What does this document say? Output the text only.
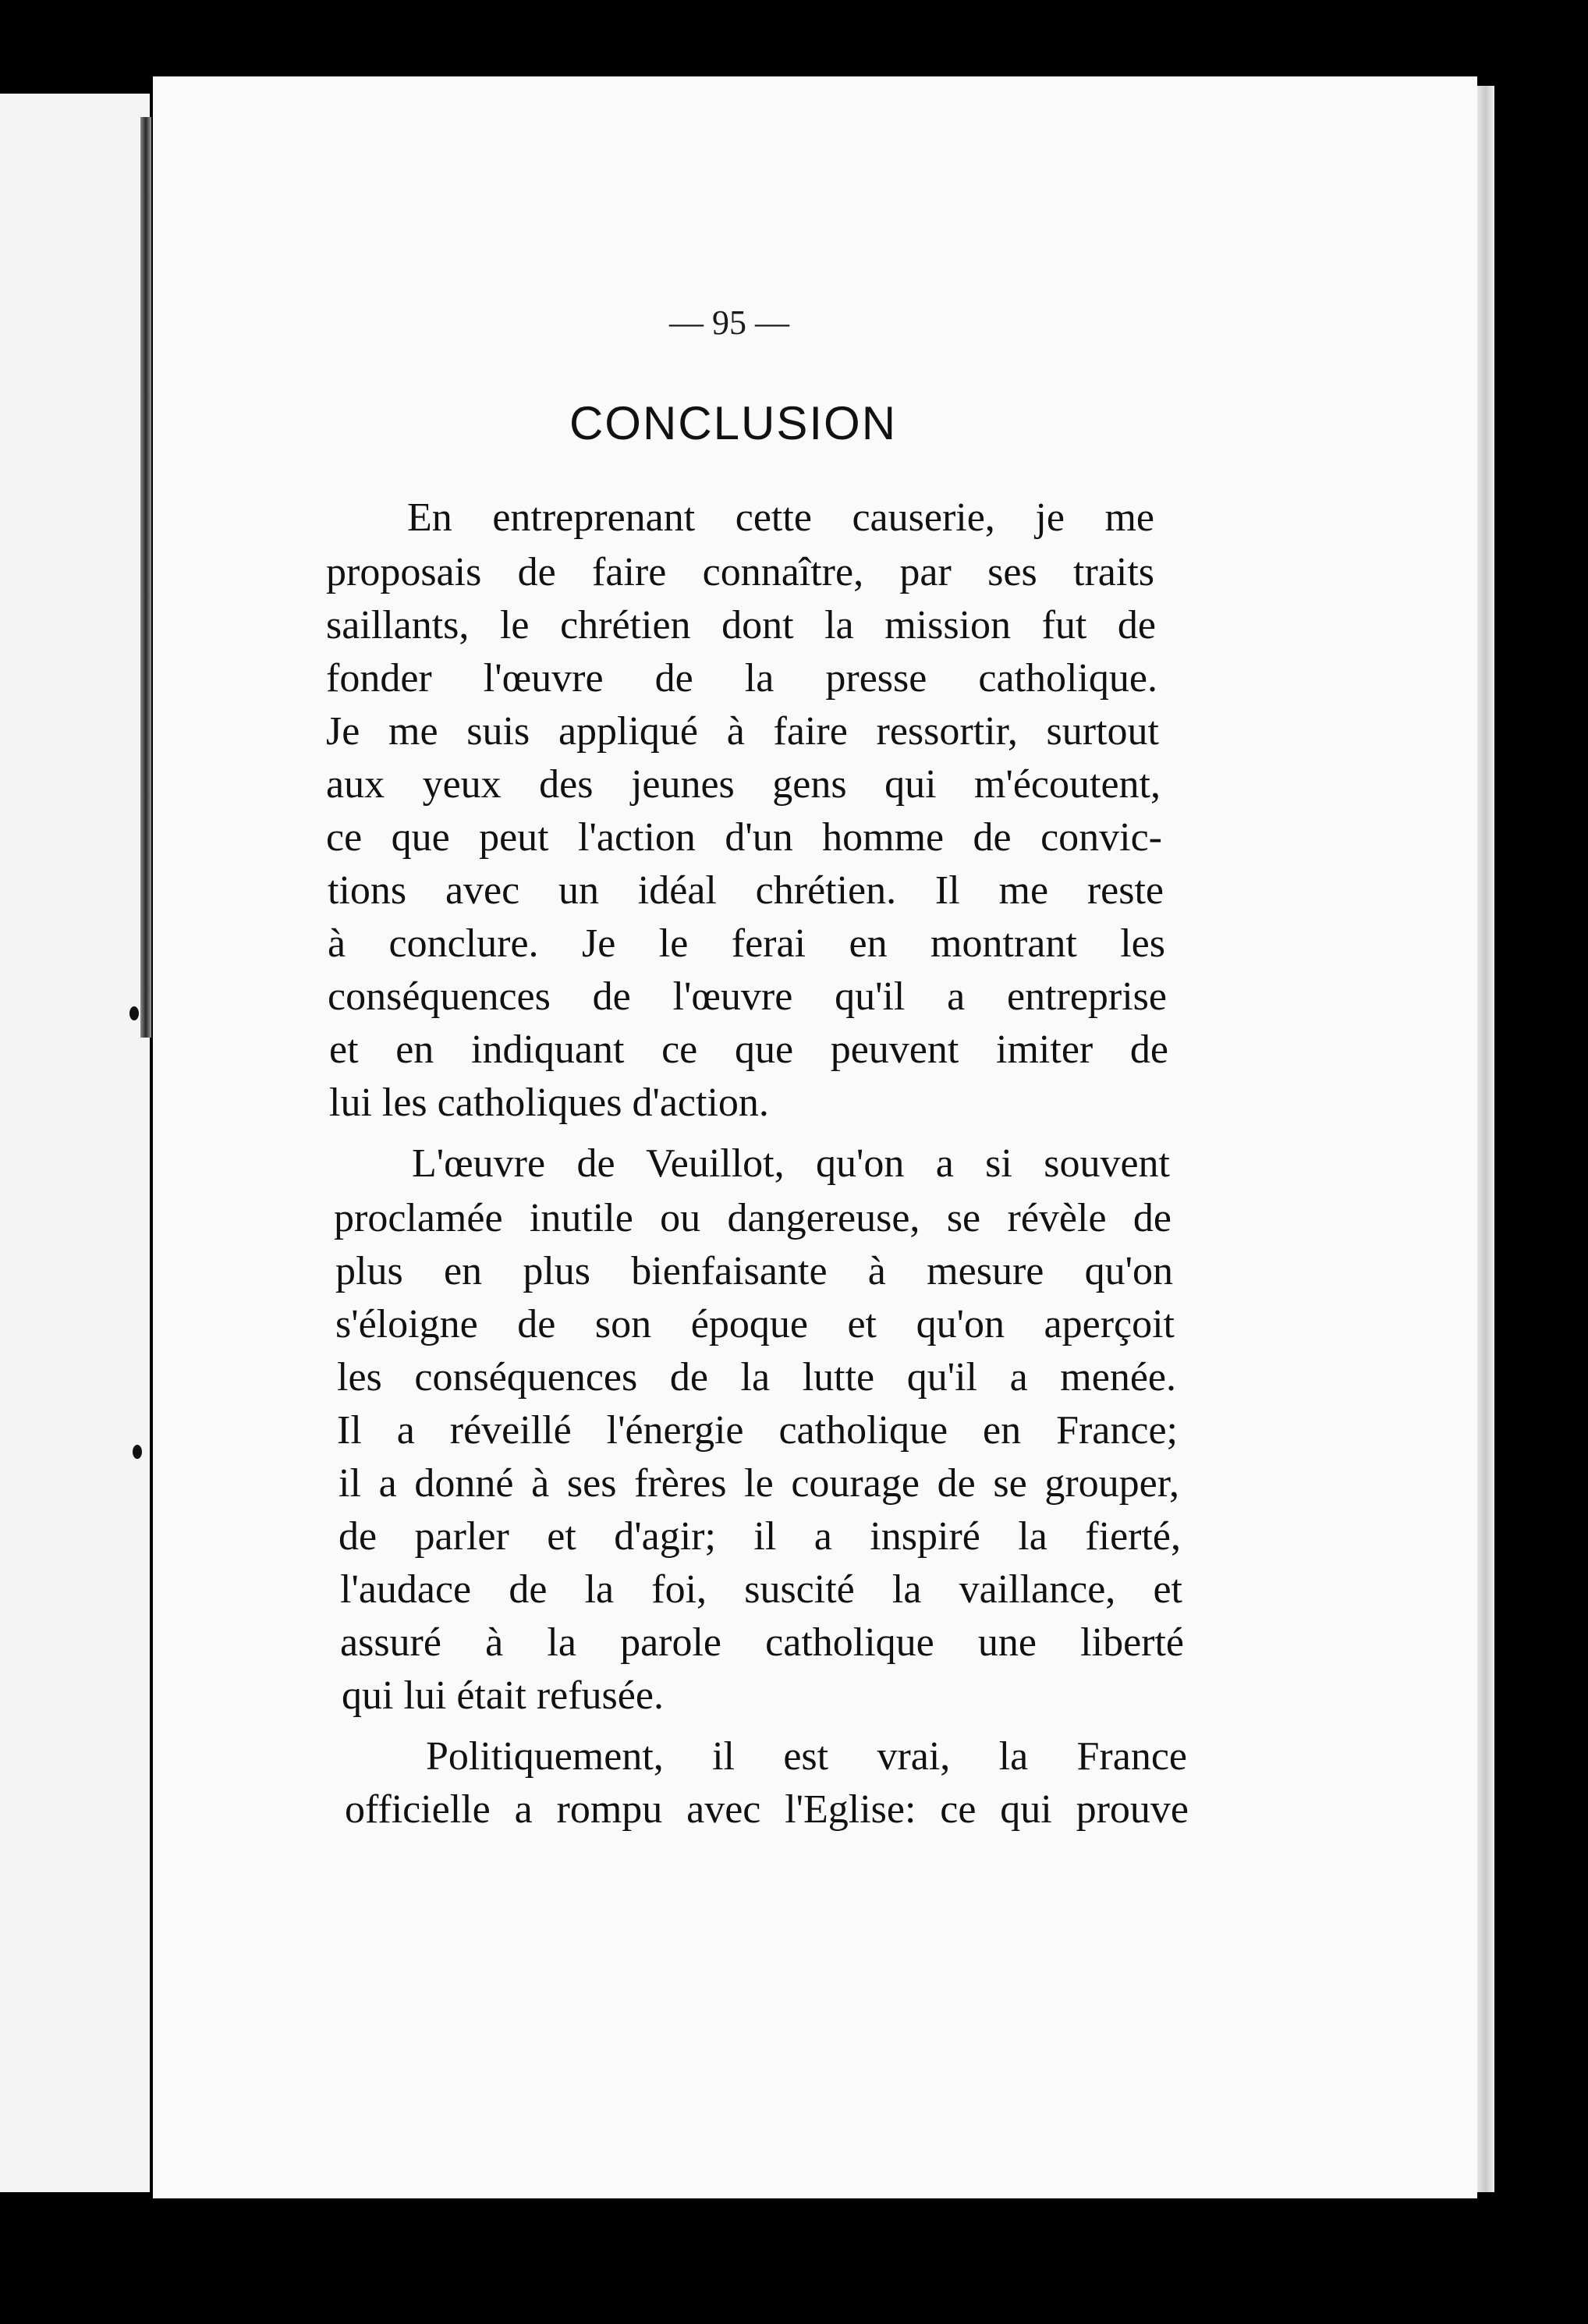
— 95 —
CONCLUSION
En entreprenant cette causerie, je me
proposais de faire connaître, par ses traits
saillants, le chrétien dont la mission fut de
fonder l'œuvre de la presse catholique.
Je me suis appliqué à faire ressortir, surtout
aux yeux des jeunes gens qui m'écoutent,
ce que peut l'action d'un homme de convic-
tions avec un idéal chrétien. Il me reste
à conclure. Je le ferai en montrant les
conséquences de l'œuvre qu'il a entreprise
et en indiquant ce que peuvent imiter de
lui les catholiques d'action.
L'œuvre de Veuillot, qu'on a si souvent
proclamée inutile ou dangereuse, se révèle de
plus en plus bienfaisante à mesure qu'on
s'éloigne de son époque et qu'on aperçoit
les conséquences de la lutte qu'il a menée.
Il a réveillé l'énergie catholique en France;
il a donné à ses frères le courage de se grouper,
de parler et d'agir; il a inspiré la fierté,
l'audace de la foi, suscité la vaillance, et
assuré à la parole catholique une liberté
qui lui était refusée.
Politiquement, il est vrai, la France
officielle a rompu avec l'Eglise: ce qui prouve
